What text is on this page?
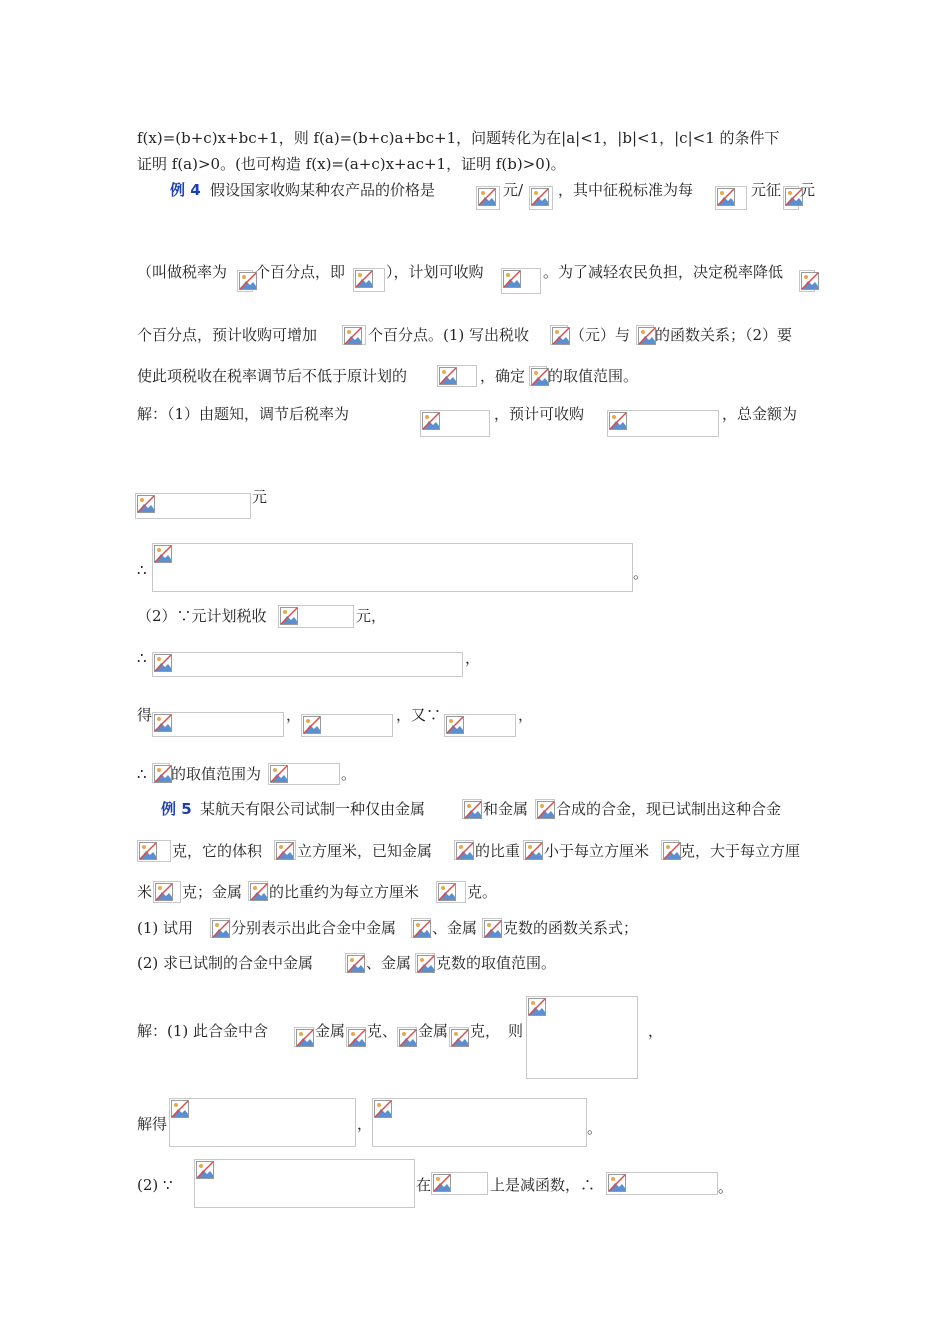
f(x)=(b+c)x+bc+1，则 f(a)=(b+c)a+bc+1，问题转化为在|a|<1，|b|<1，|c|<1 的条件下
证明 f(a)>0。(也可构造 f(x)=(a+c)x+ac+1，证明 f(b)>0)。
例 4 假设国家收购某种农产品的价格是	元/ ，其中征税标准为每	元征 元
（叫做税率为 个百分点，即	），计划可收购	。为了减轻农民负担，决定税率降低
个百分点，预计收购可增加	个百分点。(1) 写出税收	（元）与 的函数关系；（2）要
使此项税收在税率调节后不低于原计划的	，确定 的取值范围。
解：（1）由题知，调节后税率为	，预计可收购	，总金额为
元
∴	。
（2）∵元计划税收	元，
∴	，
得	，	，又∵	，
∴ 的取值范围为	。
例 5 某航天有限公司试制一种仅由金属	和金属 合成的合金，现已试制出这种合金
克，它的体积 立方厘米，已知金属	的比重 小于每立方厘米 克，大于每立方厘
米 克；金属 的比重约为每立方厘米	克。
(1) 试用	分别表示出此合金中金属 、金属 克数的函数关系式；
(2) 求已试制的合金中金属	、金属 克数的取值范围。
解：(1) 此合金中含	金属 克、 金属 克， 则	，
解得	，	。
(2) ∵	在	上是减函数，∴	。
